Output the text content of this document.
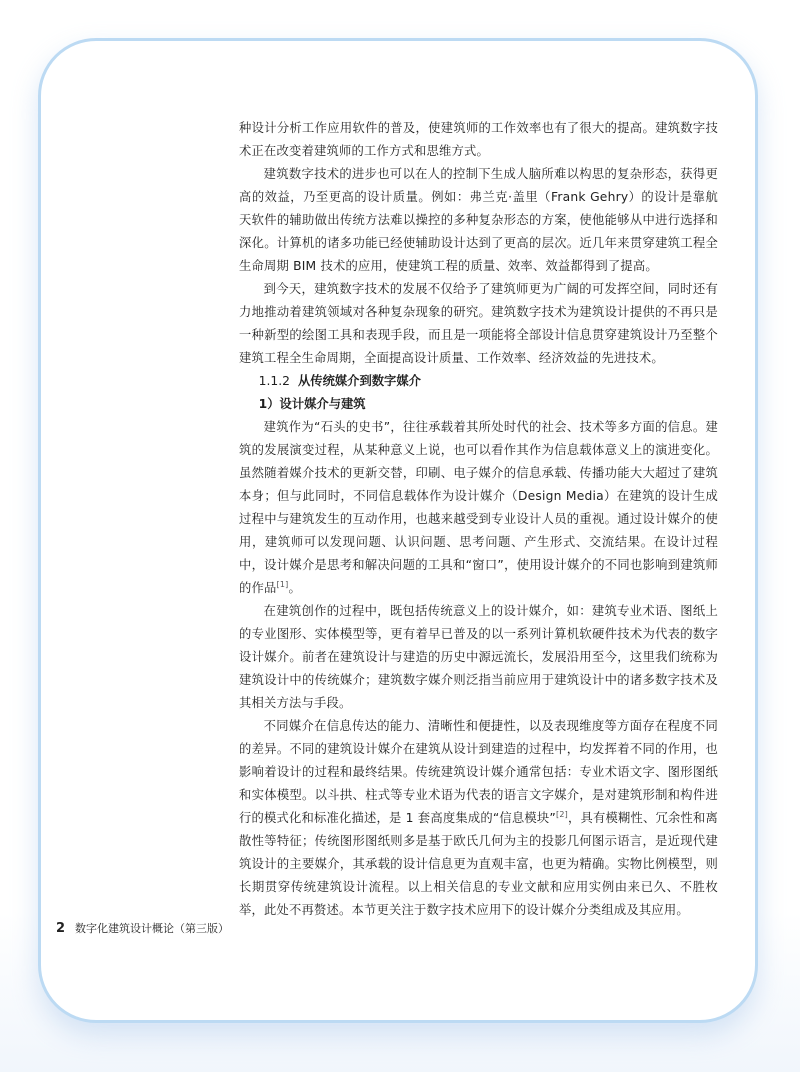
种设计分析工作应用软件的普及，使建筑师的工作效率也有了很大的提高。建筑数字技术正在改变着建筑师的工作方式和思维方式。

建筑数字技术的进步也可以在人的控制下生成人脑所难以构思的复杂形态，获得更高的效益，乃至更高的设计质量。例如：弗兰克·盖里（Frank Gehry）的设计是靠航天软件的辅助做出传统方法难以操控的多种复杂形态的方案，使他能够从中进行选择和深化。计算机的诸多功能已经使辅助设计达到了更高的层次。近几年来贯穿建筑工程全生命周期 BIM 技术的应用，使建筑工程的质量、效率、效益都得到了提高。

到今天，建筑数字技术的发展不仅给予了建筑师更为广阔的可发挥空间，同时还有力地推动着建筑领域对各种复杂现象的研究。建筑数字技术为建筑设计提供的不再只是一种新型的绘图工具和表现手段，而且是一项能将全部设计信息贯穿建筑设计乃至整个建筑工程全生命周期，全面提高设计质量、工作效率、经济效益的先进技术。

1.1.2 从传统媒介到数字媒介

1）设计媒介与建筑

建筑作为“石头的史书”，往往承载着其所处时代的社会、技术等多方面的信息。建筑的发展演变过程，从某种意义上说，也可以看作其作为信息载体意义上的演进变化。虽然随着媒介技术的更新交替，印刷、电子媒介的信息承载、传播功能大大超过了建筑本身；但与此同时，不同信息载体作为设计媒介（Design Media）在建筑的设计生成过程中与建筑发生的互动作用，也越来越受到专业设计人员的重视。通过设计媒介的使用，建筑师可以发现问题、认识问题、思考问题、产生形式、交流结果。在设计过程中，设计媒介是思考和解决问题的工具和“窗口”，使用设计媒介的不同也影响到建筑师的作品[1]。

在建筑创作的过程中，既包括传统意义上的设计媒介，如：建筑专业术语、图纸上的专业图形、实体模型等，更有着早已普及的以一系列计算机软硬件技术为代表的数字设计媒介。前者在建筑设计与建造的历史中源远流长，发展沿用至今，这里我们统称为建筑设计中的传统媒介；建筑数字媒介则泛指当前应用于建筑设计中的诸多数字技术及其相关方法与手段。

不同媒介在信息传达的能力、清晰性和便捷性，以及表现维度等方面存在程度不同的差异。不同的建筑设计媒介在建筑从设计到建造的过程中，均发挥着不同的作用，也影响着设计的过程和最终结果。传统建筑设计媒介通常包括：专业术语文字、图形图纸和实体模型。以斗拱、柱式等专业术语为代表的语言文字媒介，是对建筑形制和构件进行的模式化和标准化描述，是 1 套高度集成的“信息模块”[2]，具有模糊性、冗余性和离散性等特征；传统图形图纸则多是基于欧氏几何为主的投影几何图示语言，是近现代建筑设计的主要媒介，其承载的设计信息更为直观丰富，也更为精确。实物比例模型，则长期贯穿传统建筑设计流程。以上相关信息的专业文献和应用实例由来已久、不胜枚举，此处不再赘述。本节更关注于数字技术应用下的设计媒介分类组成及其应用。

2 数字化建筑设计概论（第三版）
